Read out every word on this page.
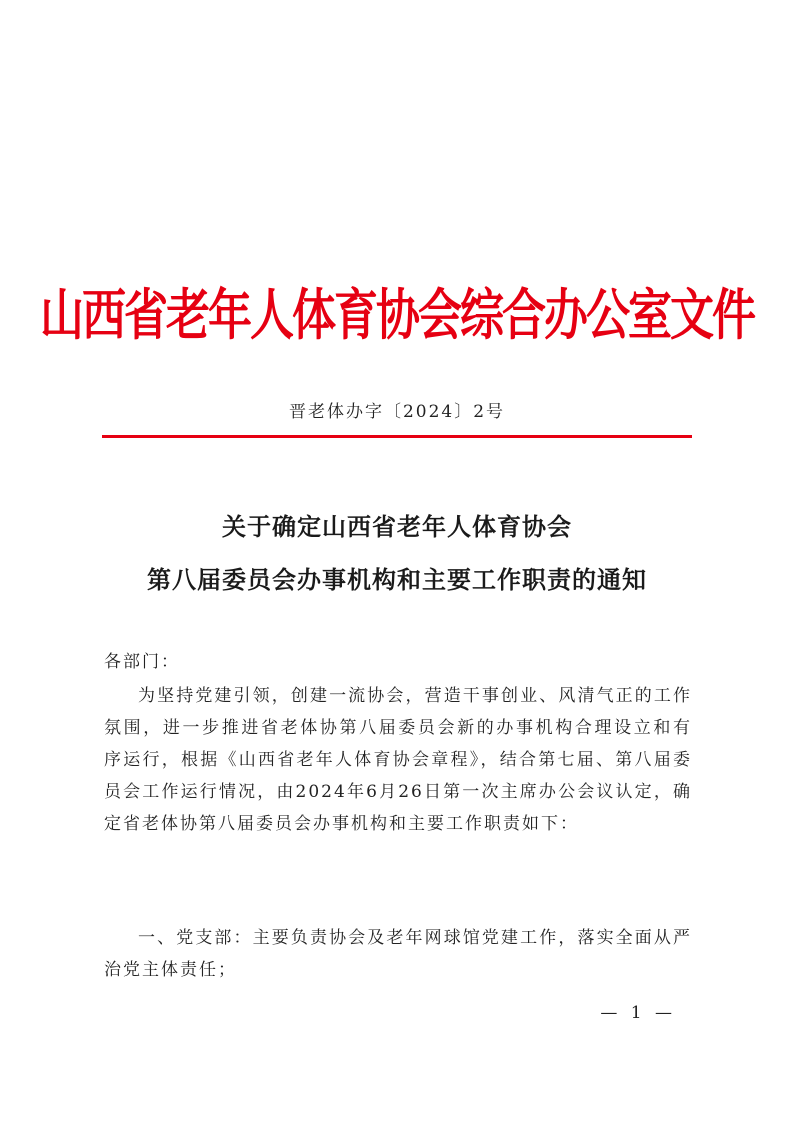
山西省老年人体育协会综合办公室文件
晋老体办字〔2024〕2号
关于确定山西省老年人体育协会
第八届委员会办事机构和主要工作职责的通知
各部门：
为坚持党建引领，创建一流协会，营造干事创业、风清气正的工作氛围，进一步推进省老体协第八届委员会新的办事机构合理设立和有序运行，根据《山西省老年人体育协会章程》，结合第七届、第八届委员会工作运行情况，由2024年6月26日第一次主席办公会议认定，确定省老体协第八届委员会办事机构和主要工作职责如下：
一、党支部：主要负责协会及老年网球馆党建工作，落实全面从严治党主体责任；
— 1 —
